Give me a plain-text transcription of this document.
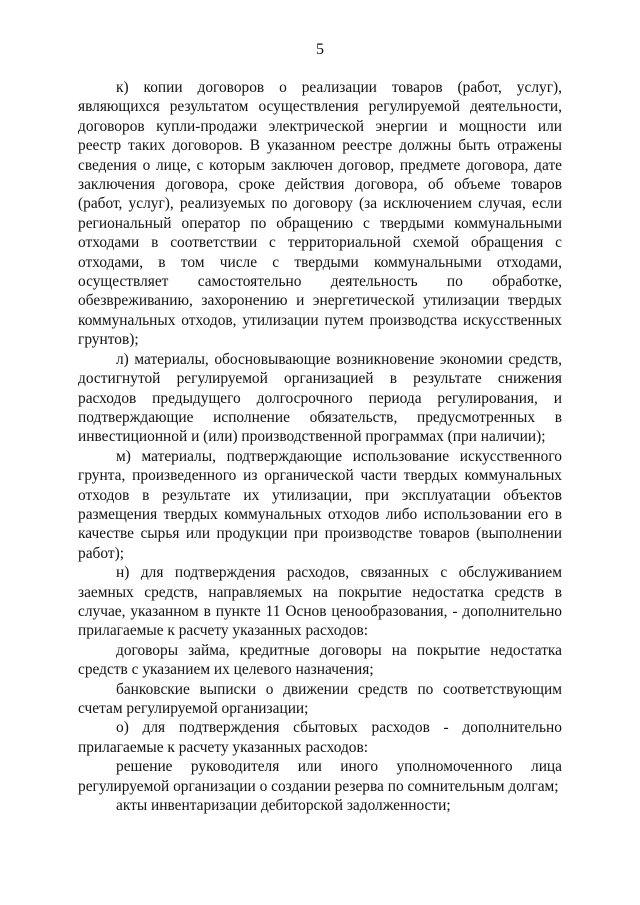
5

к) копии договоров о реализации товаров (работ, услуг), являющихся результатом осуществления регулируемой деятельности, договоров купли-продажи электрической энергии и мощности или реестр таких договоров. В указанном реестре должны быть отражены сведения о лице, с которым заключен договор, предмете договора, дате заключения договора, сроке действия договора, об объеме товаров (работ, услуг), реализуемых по договору (за исключением случая, если региональный оператор по обращению с твердыми коммунальными отходами в соответствии с территориальной схемой обращения с отходами, в том числе с твердыми коммунальными отходами, осуществляет самостоятельно деятельность по обработке, обезвреживанию, захоронению и энергетической утилизации твердых коммунальных отходов, утилизации путем производства искусственных грунтов);

л) материалы, обосновывающие возникновение экономии средств, достигнутой регулируемой организацией в результате снижения расходов предыдущего долгосрочного периода регулирования, и подтверждающие исполнение обязательств, предусмотренных в инвестиционной и (или) производственной программах (при наличии);

м) материалы, подтверждающие использование искусственного грунта, произведенного из органической части твердых коммунальных отходов в результате их утилизации, при эксплуатации объектов размещения твердых коммунальных отходов либо использовании его в качестве сырья или продукции при производстве товаров (выполнении работ);

н) для подтверждения расходов, связанных с обслуживанием заемных средств, направляемых на покрытие недостатка средств в случае, указанном в пункте 11 Основ ценообразования, - дополнительно прилагаемые к расчету указанных расходов:

договоры займа, кредитные договоры на покрытие недостатка средств с указанием их целевого назначения;

банковские выписки о движении средств по соответствующим счетам регулируемой организации;

о) для подтверждения сбытовых расходов - дополнительно прилагаемые к расчету указанных расходов:

решение руководителя или иного уполномоченного лица регулируемой организации о создании резерва по сомнительным долгам;

акты инвентаризации дебиторской задолженности;
